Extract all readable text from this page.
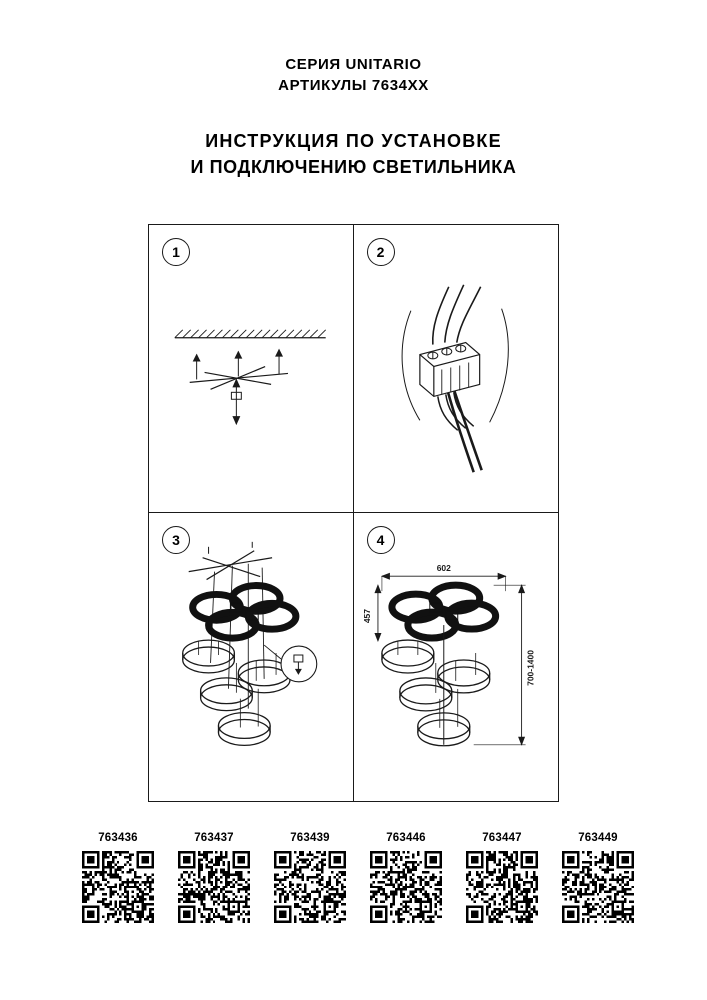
СЕРИЯ UNITARIO
АРТИКУЛЫ 7634XX
ИНСТРУКЦИЯ ПО УСТАНОВКЕ
И ПОДКЛЮЧЕНИЮ СВЕТИЛЬНИКА
1	2
3	4
602
457
700-1400
763436	763437	763439	763446	763447	763449
